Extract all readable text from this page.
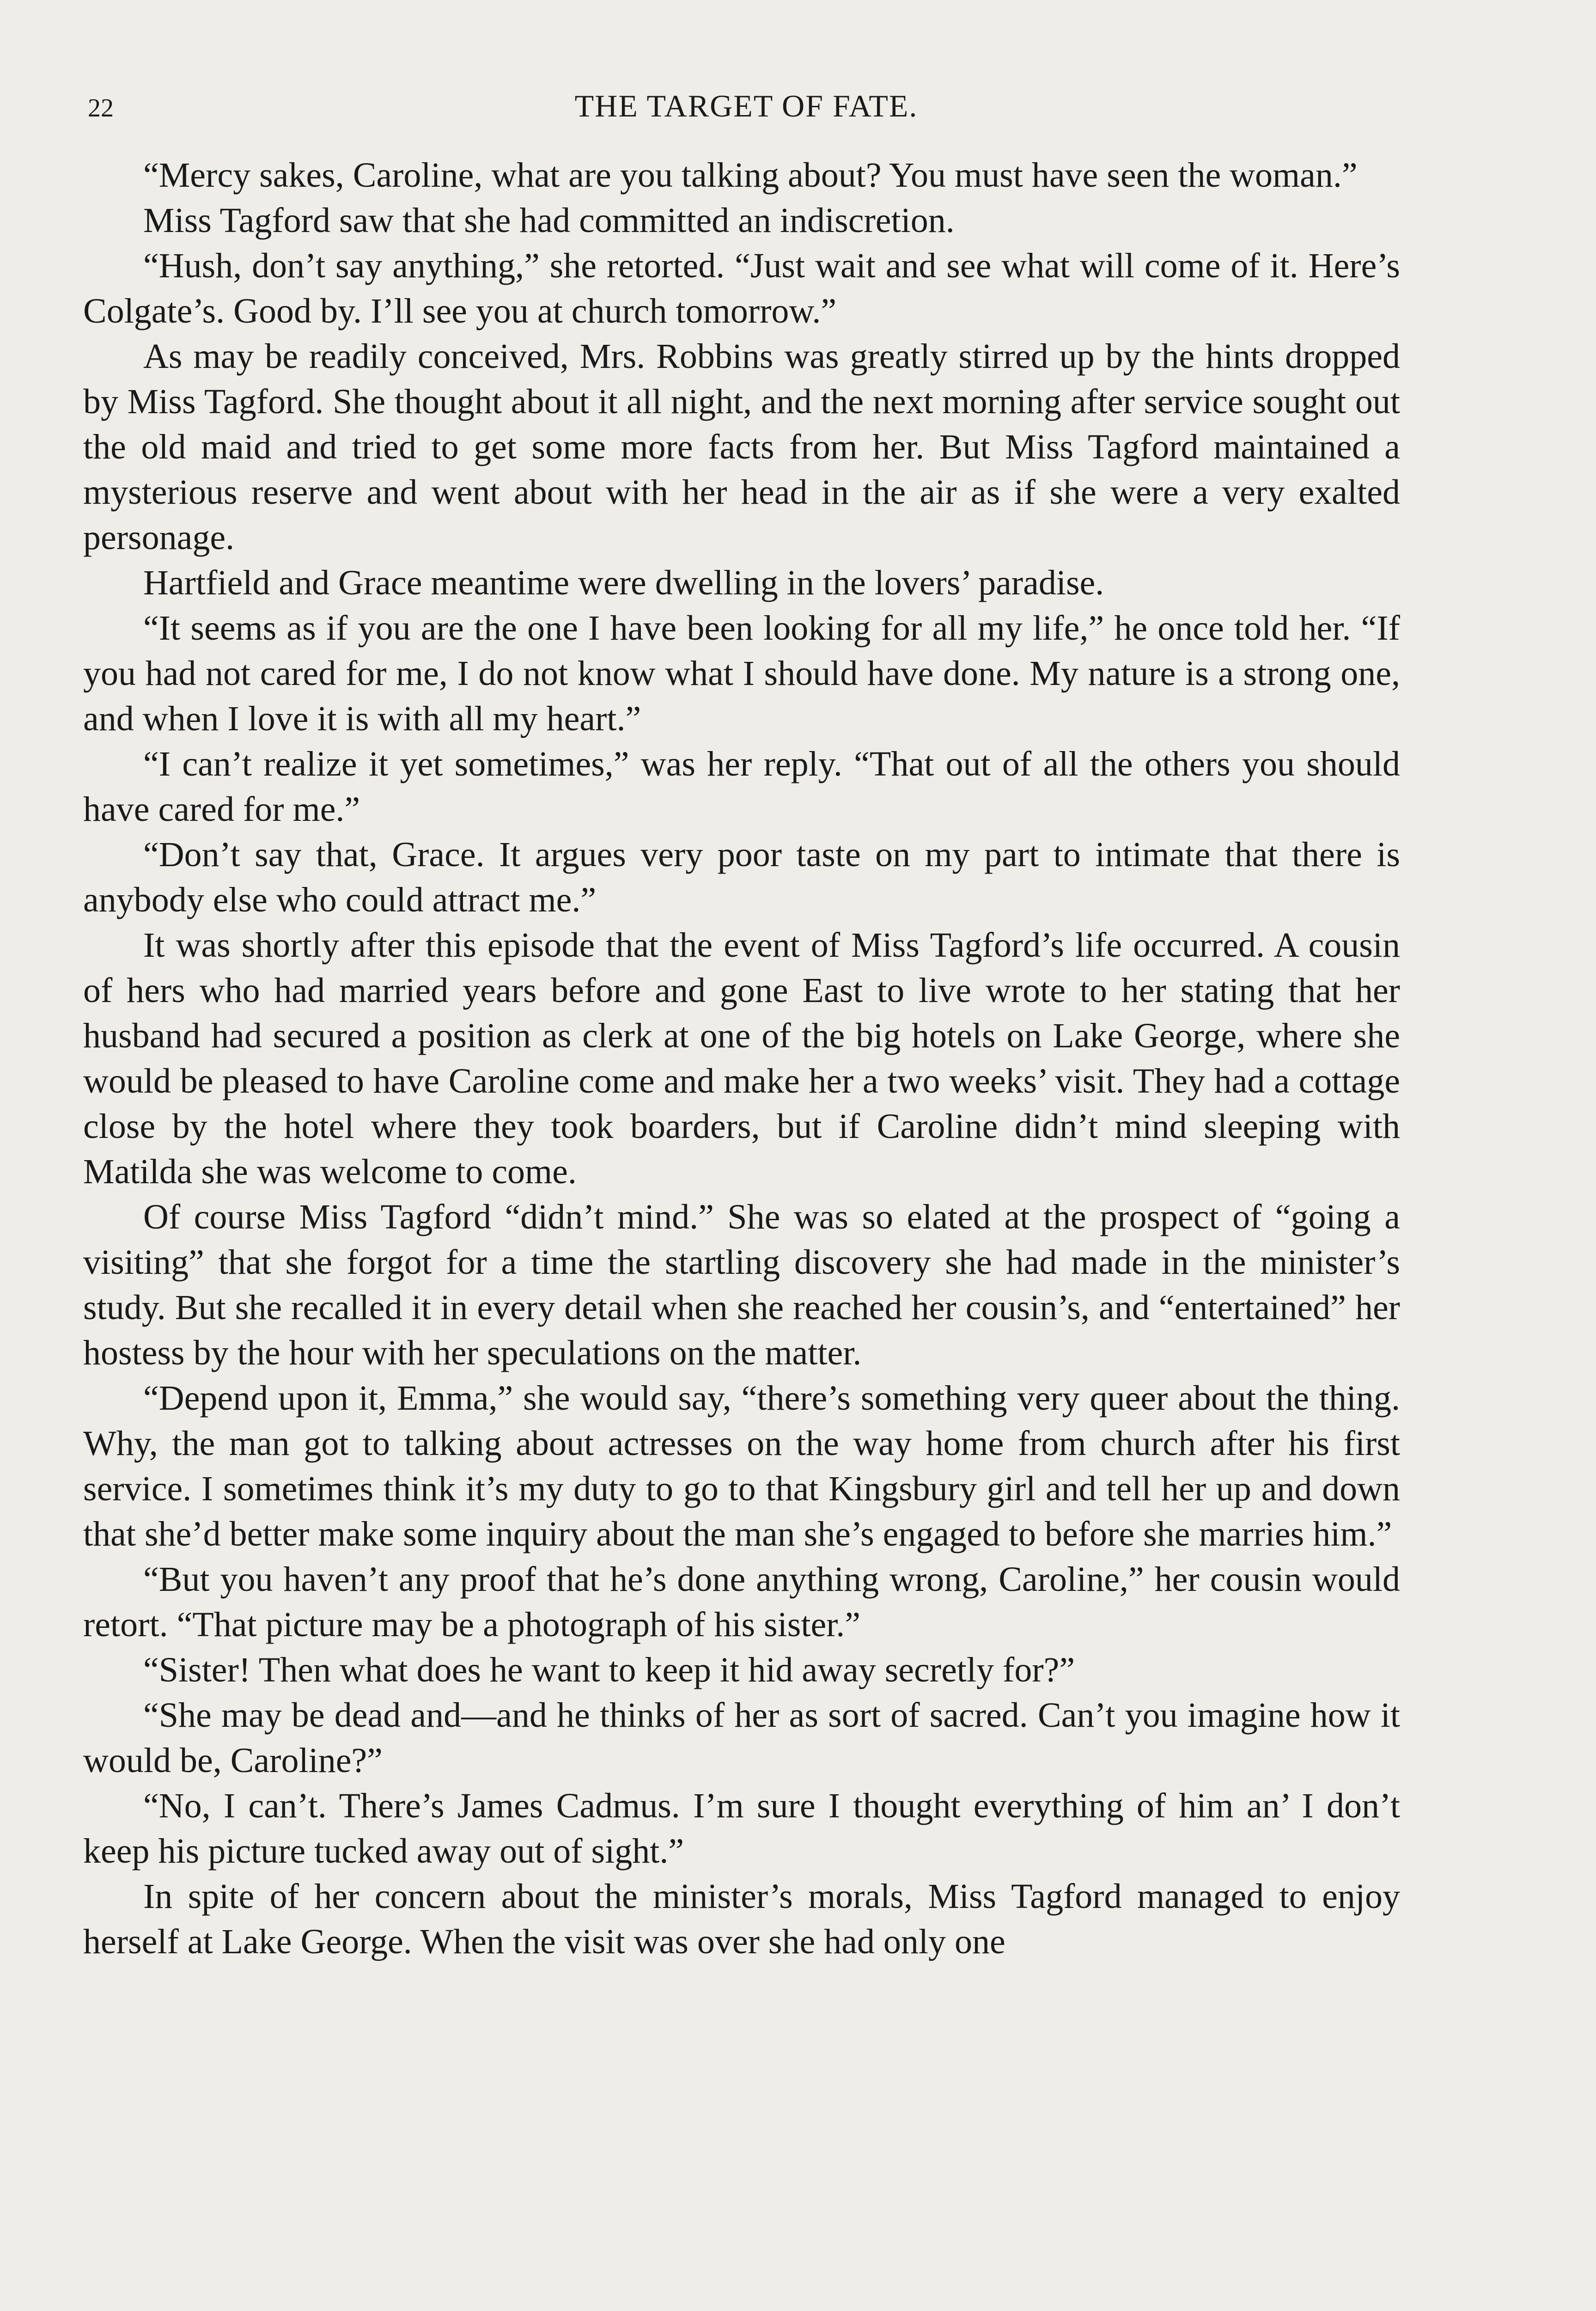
22	THE TARGET OF FATE.

“Mercy sakes, Caroline, what are you talking about? You must have seen the woman.”

Miss Tagford saw that she had committed an indiscretion.

“Hush, don’t say anything,” she retorted. “Just wait and see what will come of it. Here’s Colgate’s. Good by. I’ll see you at church tomorrow.”

As may be readily conceived, Mrs. Robbins was greatly stirred up by the hints dropped by Miss Tagford. She thought about it all night, and the next morning after service sought out the old maid and tried to get some more facts from her. But Miss Tagford maintained a mysterious reserve and went about with her head in the air as if she were a very exalted personage.

Hartfield and Grace meantime were dwelling in the lovers’ paradise.

“It seems as if you are the one I have been looking for all my life,” he once told her. “If you had not cared for me, I do not know what I should have done. My nature is a strong one, and when I love it is with all my heart.”

“I can’t realize it yet sometimes,” was her reply. “That out of all the others you should have cared for me.”

“Don’t say that, Grace. It argues very poor taste on my part to intimate that there is anybody else who could attract me.”

It was shortly after this episode that the event of Miss Tagford’s life occurred. A cousin of hers who had married years before and gone East to live wrote to her stating that her husband had secured a position as clerk at one of the big hotels on Lake George, where she would be pleased to have Caroline come and make her a two weeks’ visit. They had a cottage close by the hotel where they took boarders, but if Caroline didn’t mind sleeping with Matilda she was welcome to come.

Of course Miss Tagford “didn’t mind.” She was so elated at the prospect of “going a visiting” that she forgot for a time the startling discovery she had made in the minister’s study. But she recalled it in every detail when she reached her cousin’s, and “entertained” her hostess by the hour with her speculations on the matter.

“Depend upon it, Emma,” she would say, “there’s something very queer about the thing. Why, the man got to talking about actresses on the way home from church after his first service. I sometimes think it’s my duty to go to that Kingsbury girl and tell her up and down that she’d better make some inquiry about the man she’s engaged to before she marries him.”

“But you haven’t any proof that he’s done anything wrong, Caroline,” her cousin would retort. “That picture may be a photograph of his sister.”

“Sister! Then what does he want to keep it hid away secretly for?”

“She may be dead and—and he thinks of her as sort of sacred. Can’t you imagine how it would be, Caroline?”

“No, I can’t. There’s James Cadmus. I’m sure I thought everything of him an’ I don’t keep his picture tucked away out of sight.”

In spite of her concern about the minister’s morals, Miss Tagford managed to enjoy herself at Lake George. When the visit was over she had only one
